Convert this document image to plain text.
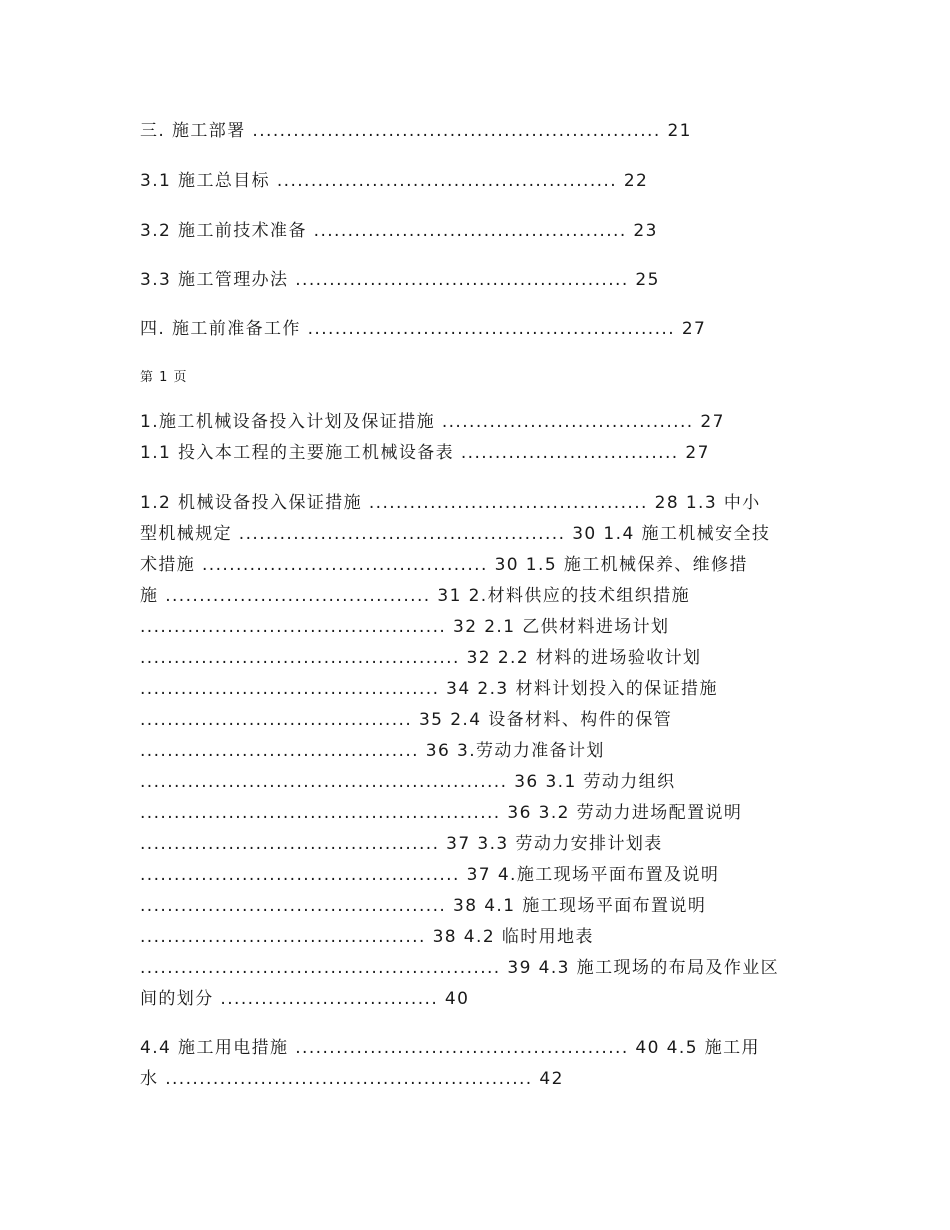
三. 施工部署 ............................................................ 21
3.1 施工总目标 .................................................. 22
3.2 施工前技术准备 .............................................. 23
3.3 施工管理办法 ................................................. 25
四. 施工前准备工作 ...................................................... 27
第 1 页
1.施工机械设备投入计划及保证措施 ..................................... 27
1.1 投入本工程的主要施工机械设备表 ................................ 27
1.2 机械设备投入保证措施 ......................................... 28 1.3 中小
型机械规定 ................................................ 30 1.4 施工机械安全技
术措施 .......................................... 30 1.5 施工机械保养、维修措
施 ....................................... 31 2.材料供应的技术组织措施
............................................. 32 2.1 乙供材料进场计划
............................................... 32 2.2 材料的进场验收计划
............................................ 34 2.3 材料计划投入的保证措施
........................................ 35 2.4 设备材料、构件的保管
......................................... 36 3.劳动力准备计划
...................................................... 36 3.1 劳动力组织
..................................................... 36 3.2 劳动力进场配置说明
............................................ 37 3.3 劳动力安排计划表
............................................... 37 4.施工现场平面布置及说明
............................................. 38 4.1 施工现场平面布置说明
.......................................... 38 4.2 临时用地表
..................................................... 39 4.3 施工现场的布局及作业区
间的划分 ................................ 40
4.4 施工用电措施 ................................................. 40 4.5 施工用
水 ...................................................... 42
